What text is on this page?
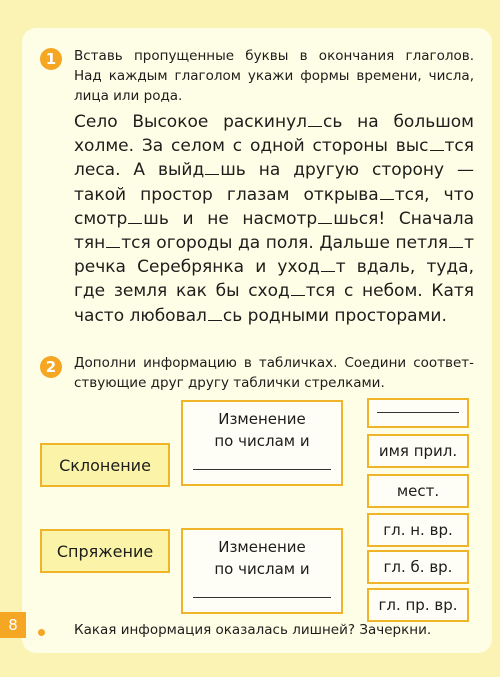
1	Вставь пропущенные буквы в окончания глаголов.
Над каждым глаголом укажи формы времени, числа,
лица или рода.
Село Высокое раскинул сь на большом
холме. За селом с одной стороны выс тся
леса. А выйд шь на другую сторону —
такой простор глазам открыва тся, что
смотр шь и не насмотр шься! Сначала
тян тся огороды да поля. Дальше петля т
речка Серебрянка и уход т вдаль, туда,
где земля как бы сход тся с небом. Катя
часто любовал сь родными просторами.
2	Дополни информацию в табличках. Соедини соответ-
ствующие друг другу таблички стрелками.
Склонение
Спряжение
Изменение
по числам и
Изменение
по числам и
имя прил.
мест.
гл. н. вр.
гл. б. вр.
гл. пр. вр.
8	Какая информация оказалась лишней? Зачеркни.
